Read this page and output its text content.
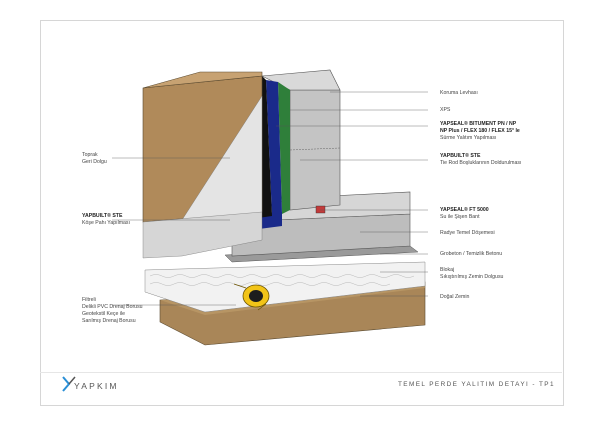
Koruma Levhası
XPS
YAPSEAL® BITUMENT PN / NP
NP Plus / FLEX 180 / FLEX 15° le
Sürme Yalıtım Yapılması
YAPBUILT® STE
Tie Rod Boşluklarının Doldurulması
YAPSEAL® FT 5000
Su ile Şişen Bant
Radye Temel Döşemesi
Grobeton / Temizlik Betonu
Blokaj
Sıkıştırılmış Zemin Dolgusu
Doğal Zemin
Toprak
Geri Dolgu
YAPBUILT® STE
Köşe Pahı Yapılması
Filtreli
Delikli PVC Drenaj Borusu
Geotekstil Keçe ile
Sarılmış Drenaj Borusu
YAPKIM	TEMEL PERDE YALITIM DETAYI - TP1
